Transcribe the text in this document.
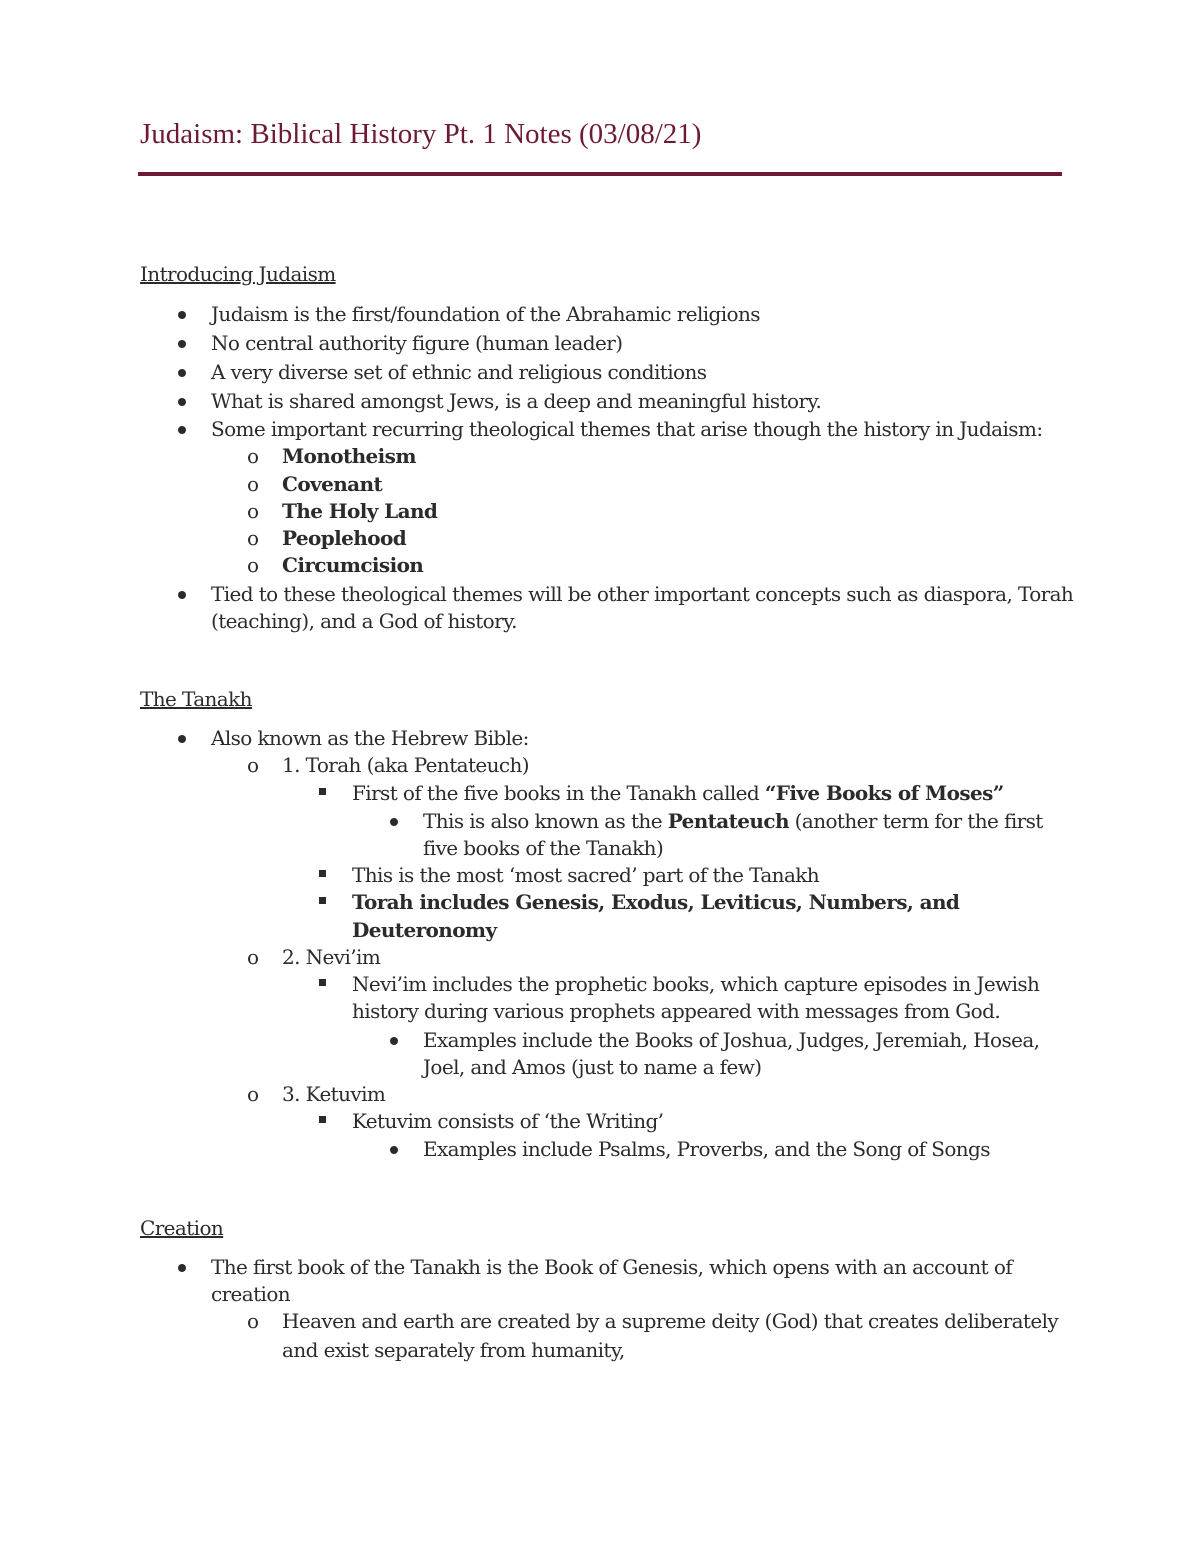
Judaism: Biblical History Pt. 1 Notes (03/08/21)
Introducing Judaism
Judaism is the first/foundation of the Abrahamic religions
No central authority figure (human leader)
A very diverse set of ethnic and religious conditions
What is shared amongst Jews, is a deep and meaningful history.
Some important recurring theological themes that arise though the history in Judaism:
o Monotheism
o Covenant
o The Holy Land
o Peoplehood
o Circumcision
Tied to these theological themes will be other important concepts such as diaspora, Torah
(teaching), and a God of history.
The Tanakh
Also known as the Hebrew Bible:
o 1. Torah (aka Pentateuch)
First of the five books in the Tanakh called “Five Books of Moses”
This is also known as the Pentateuch (another term for the first
five books of the Tanakh)
This is the most ‘most sacred’ part of the Tanakh
Torah includes Genesis, Exodus, Leviticus, Numbers, and
Deuteronomy
o 2. Nevi’im
Nevi’im includes the prophetic books, which capture episodes in Jewish
history during various prophets appeared with messages from God.
Examples include the Books of Joshua, Judges, Jeremiah, Hosea,
Joel, and Amos (just to name a few)
o 3. Ketuvim
Ketuvim consists of ‘the Writing’
Examples include Psalms, Proverbs, and the Song of Songs
Creation
The first book of the Tanakh is the Book of Genesis, which opens with an account of
creation
o Heaven and earth are created by a supreme deity (God) that creates deliberately
and exist separately from humanity,
